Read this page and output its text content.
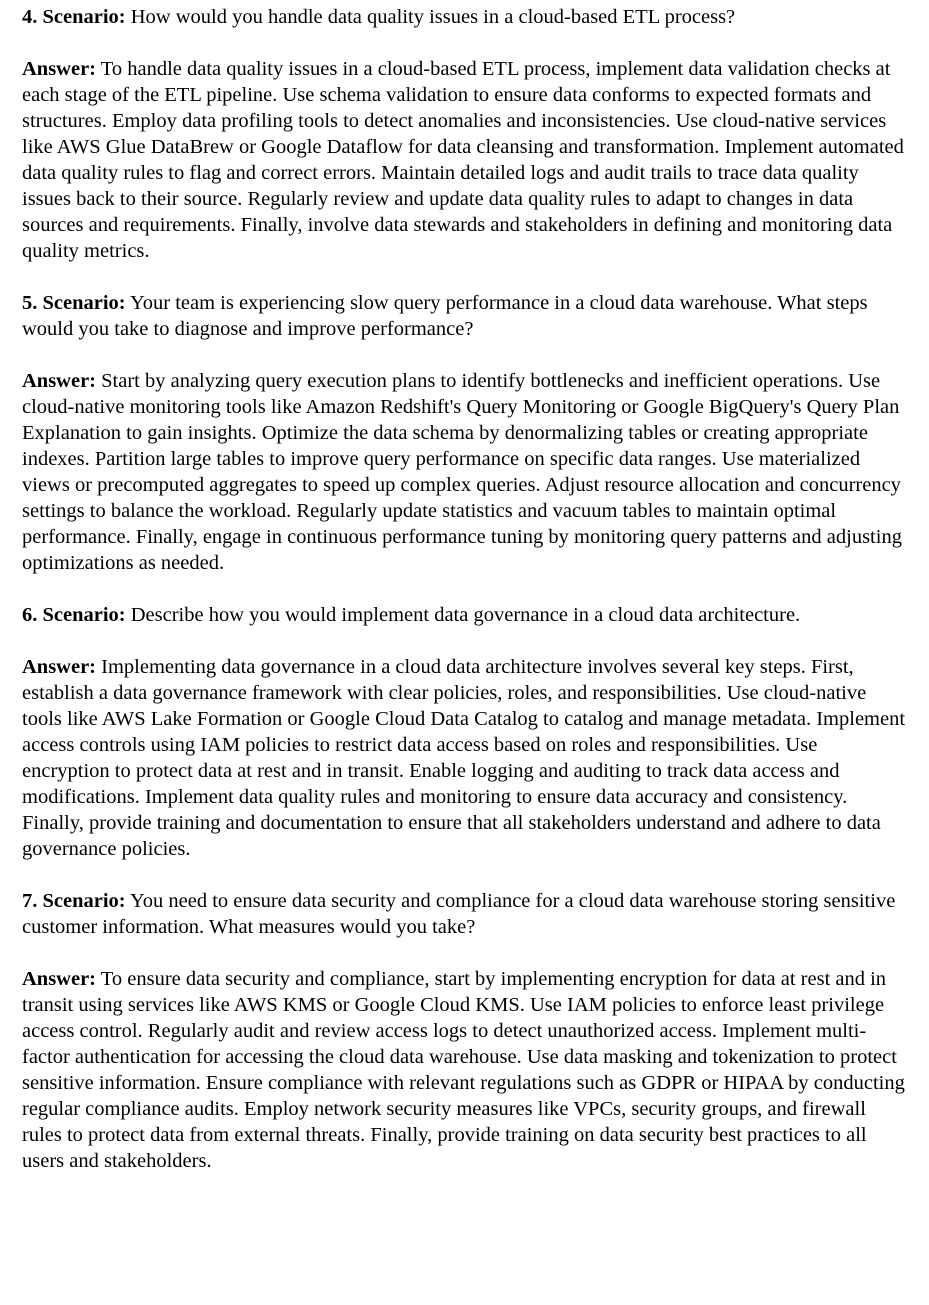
4. Scenario: How would you handle data quality issues in a cloud-based ETL process?

Answer: To handle data quality issues in a cloud-based ETL process, implement data validation checks at each stage of the ETL pipeline. Use schema validation to ensure data conforms to expected formats and structures. Employ data profiling tools to detect anomalies and inconsistencies. Use cloud-native services like AWS Glue DataBrew or Google Dataflow for data cleansing and transformation. Implement automated data quality rules to flag and correct errors. Maintain detailed logs and audit trails to trace data quality issues back to their source. Regularly review and update data quality rules to adapt to changes in data sources and requirements. Finally, involve data stewards and stakeholders in defining and monitoring data quality metrics.

5. Scenario: Your team is experiencing slow query performance in a cloud data warehouse. What steps would you take to diagnose and improve performance?

Answer: Start by analyzing query execution plans to identify bottlenecks and inefficient operations. Use cloud-native monitoring tools like Amazon Redshift's Query Monitoring or Google BigQuery's Query Plan Explanation to gain insights. Optimize the data schema by denormalizing tables or creating appropriate indexes. Partition large tables to improve query performance on specific data ranges. Use materialized views or precomputed aggregates to speed up complex queries. Adjust resource allocation and concurrency settings to balance the workload. Regularly update statistics and vacuum tables to maintain optimal performance. Finally, engage in continuous performance tuning by monitoring query patterns and adjusting optimizations as needed.

6. Scenario: Describe how you would implement data governance in a cloud data architecture.

Answer: Implementing data governance in a cloud data architecture involves several key steps. First, establish a data governance framework with clear policies, roles, and responsibilities. Use cloud-native tools like AWS Lake Formation or Google Cloud Data Catalog to catalog and manage metadata. Implement access controls using IAM policies to restrict data access based on roles and responsibilities. Use encryption to protect data at rest and in transit. Enable logging and auditing to track data access and modifications. Implement data quality rules and monitoring to ensure data accuracy and consistency. Finally, provide training and documentation to ensure that all stakeholders understand and adhere to data governance policies.

7. Scenario: You need to ensure data security and compliance for a cloud data warehouse storing sensitive customer information. What measures would you take?

Answer: To ensure data security and compliance, start by implementing encryption for data at rest and in transit using services like AWS KMS or Google Cloud KMS. Use IAM policies to enforce least privilege access control. Regularly audit and review access logs to detect unauthorized access. Implement multi-factor authentication for accessing the cloud data warehouse. Use data masking and tokenization to protect sensitive information. Ensure compliance with relevant regulations such as GDPR or HIPAA by conducting regular compliance audits. Employ network security measures like VPCs, security groups, and firewall rules to protect data from external threats. Finally, provide training on data security best practices to all users and stakeholders.
